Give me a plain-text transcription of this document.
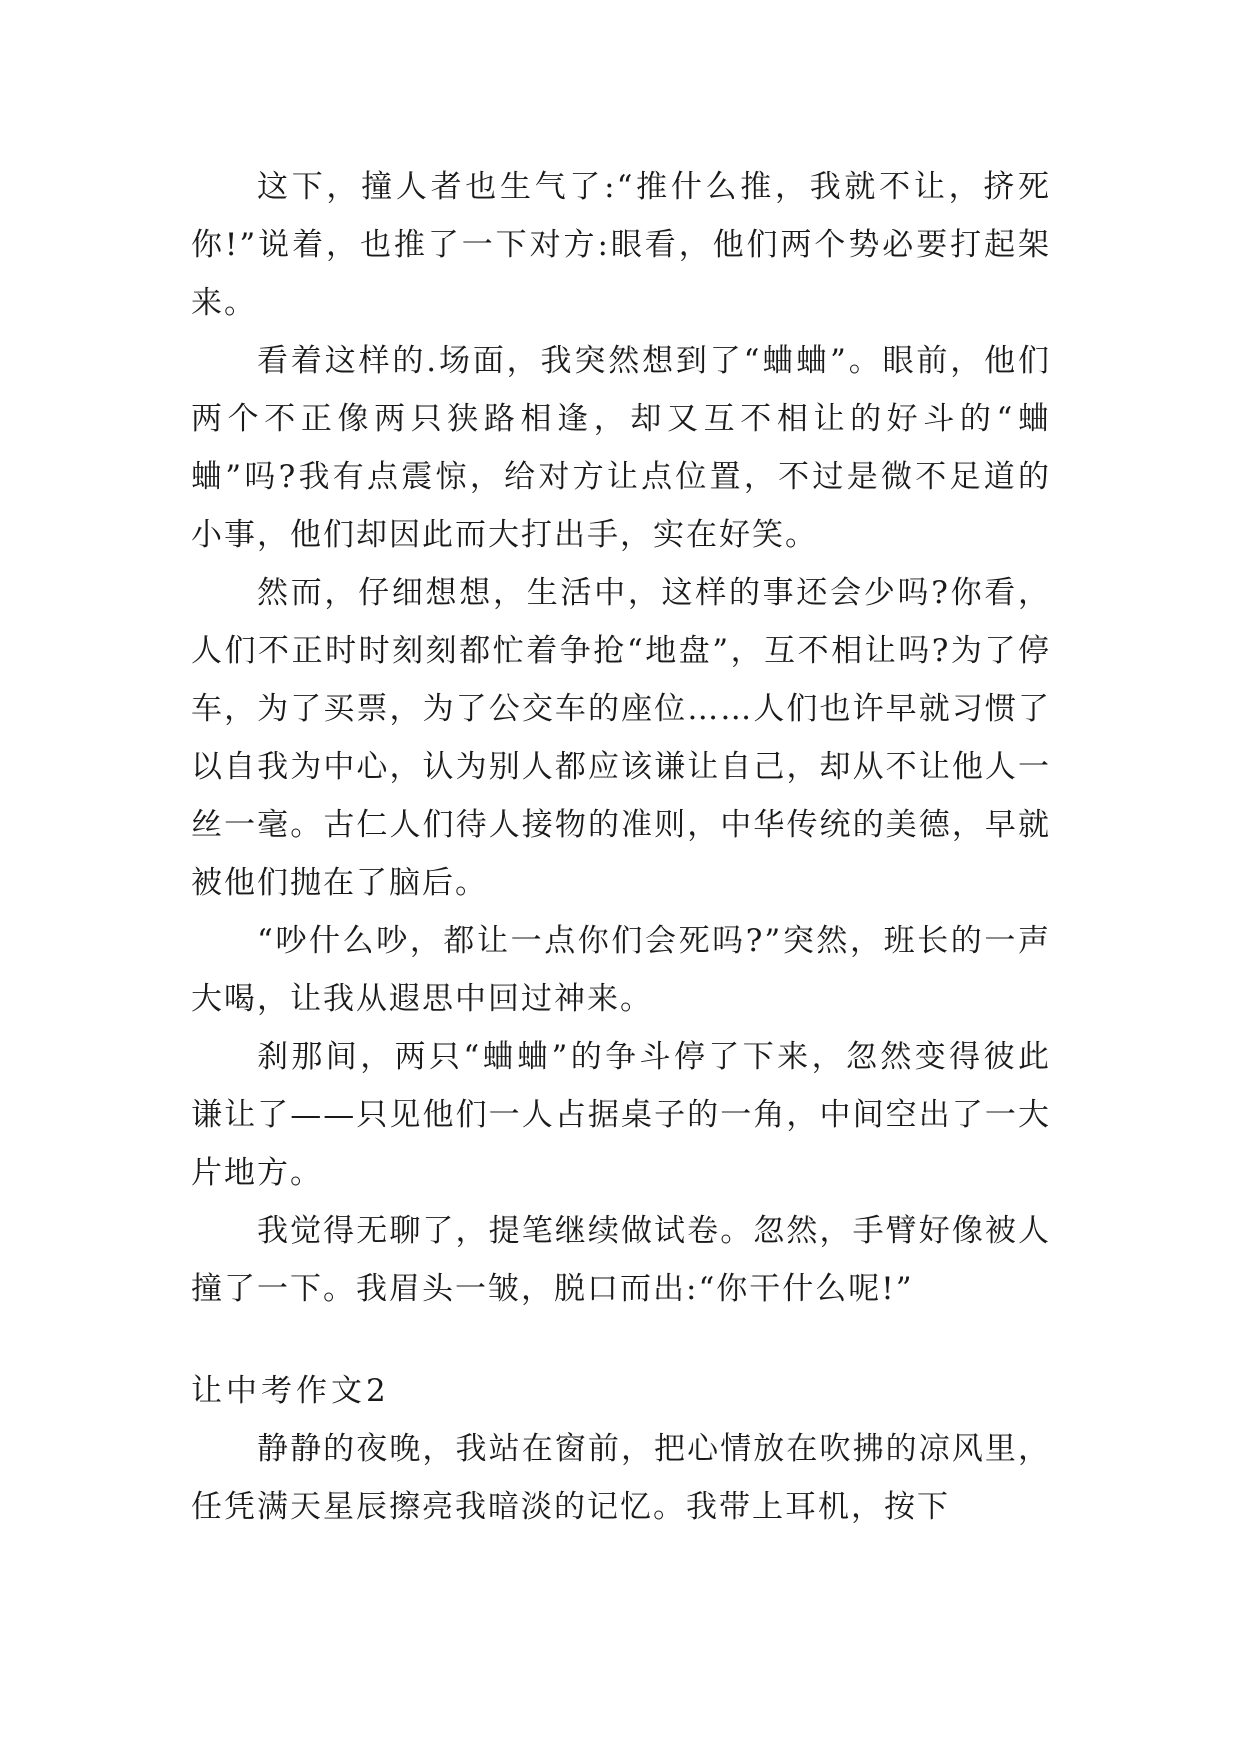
这下，撞人者也生气了:“推什么推，我就不让，挤死你!”说着，也推了一下对方:眼看，他们两个势必要打起架来。

看着这样的.场面，我突然想到了“蛐蛐”。眼前，他们两个不正像两只狭路相逢，却又互不相让的好斗的“蛐蛐”吗?我有点震惊，给对方让点位置，不过是微不足道的小事，他们却因此而大打出手，实在好笑。

然而，仔细想想，生活中，这样的事还会少吗?你看，人们不正时时刻刻都忙着争抢“地盘”，互不相让吗?为了停车，为了买票，为了公交车的座位……人们也许早就习惯了以自我为中心，认为别人都应该谦让自己，却从不让他人一丝一毫。古仁人们待人接物的准则，中华传统的美德，早就被他们抛在了脑后。

“吵什么吵，都让一点你们会死吗?”突然，班长的一声大喝，让我从遐思中回过神来。

刹那间，两只“蛐蛐”的争斗停了下来，忽然变得彼此谦让了——只见他们一人占据桌子的一角，中间空出了一大片地方。

我觉得无聊了，提笔继续做试卷。忽然，手臂好像被人撞了一下。我眉头一皱，脱口而出:“你干什么呢!”

让中考作文2

静静的夜晚，我站在窗前，把心情放在吹拂的凉风里，任凭满天星辰擦亮我暗淡的记忆。我带上耳机，按下
